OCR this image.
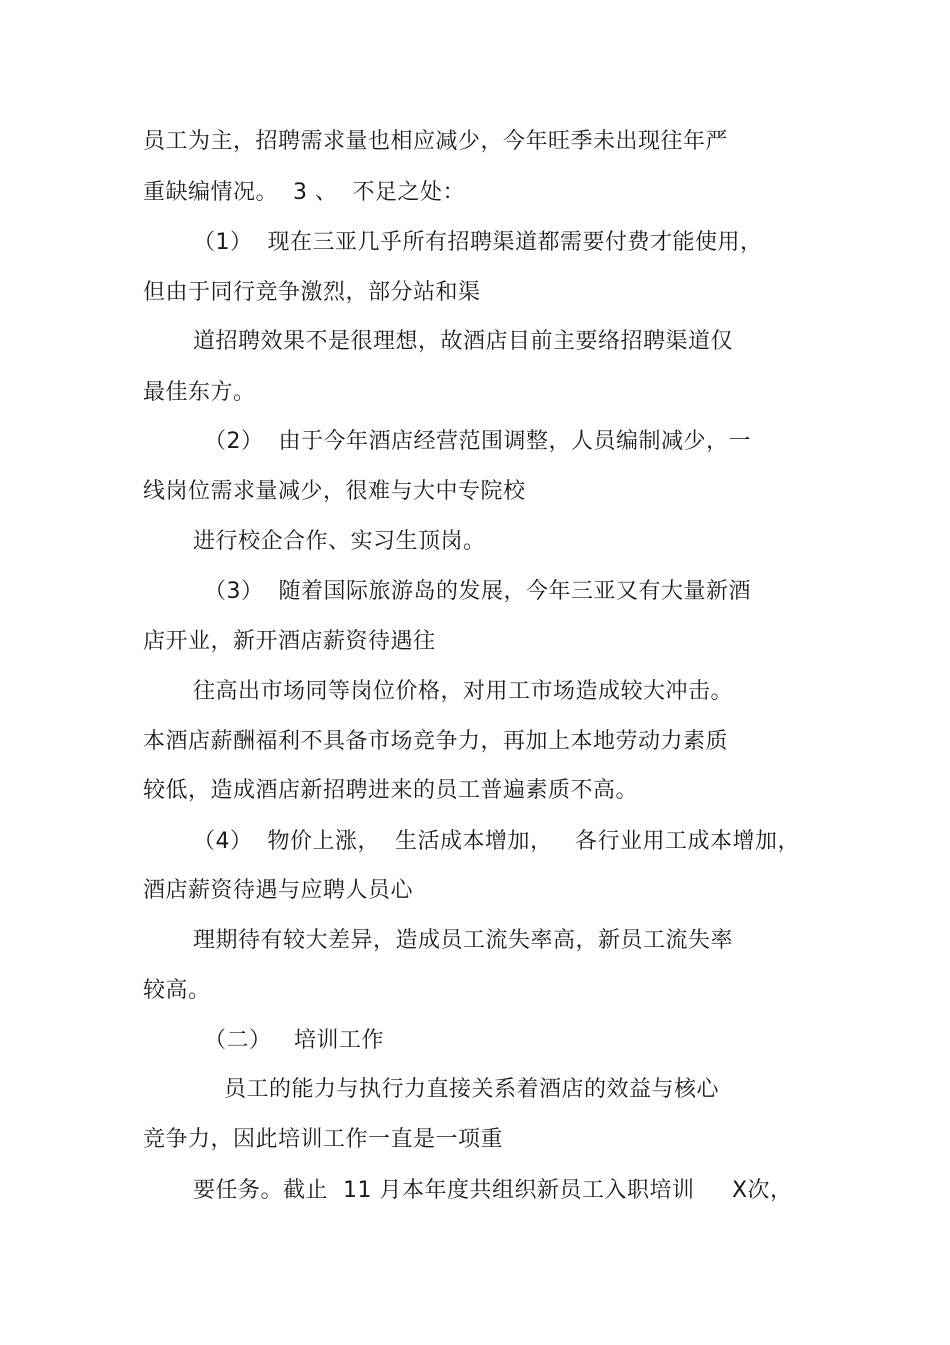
员工为主，招聘需求量也相应减少，今年旺季未出现往年严
重缺编情况。  3 、  不足之处：
（1）  现在三亚几乎所有招聘渠道都需要付费才能使用，
但由于同行竞争激烈，部分站和渠
道招聘效果不是很理想，故酒店目前主要络招聘渠道仅
最佳东方。
（2）  由于今年酒店经营范围调整，人员编制减少，一
线岗位需求量减少，很难与大中专院校
进行校企合作、实习生顶岗。
（3）  随着国际旅游岛的发展，今年三亚又有大量新酒
店开业，新开酒店薪资待遇往
往高出市场同等岗位价格，对用工市场造成较大冲击。
本酒店薪酬福利不具备市场竞争力，再加上本地劳动力素质
较低，造成酒店新招聘进来的员工普遍素质不高。
（4）  物价上涨，  生活成本增加，   各行业用工成本增加，
酒店薪资待遇与应聘人员心
理期待有较大差异，造成员工流失率高，新员工流失率
较高。
（二）   培训工作
员工的能力与执行力直接关系着酒店的效益与核心
竞争力，因此培训工作一直是一项重
要任务。截止  11 月本年度共组织新员工入职培训     X次，
